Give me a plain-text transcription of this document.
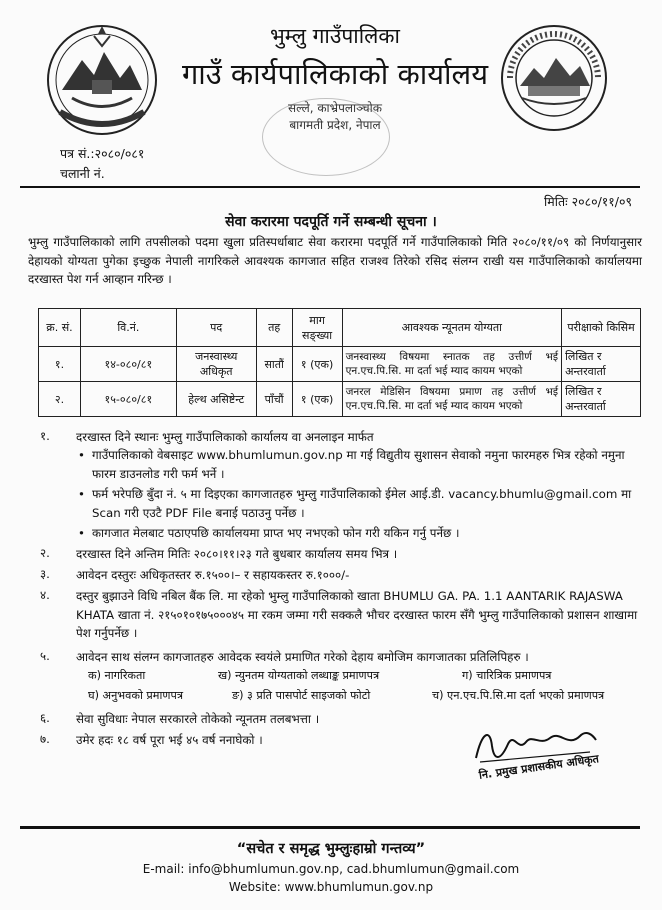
भुम्लु गाउँपालिका
गाउँ कार्यपालिकाको कार्यालय
सल्ले, काभ्रेपलाञ्चोक
बागमती प्रदेश, नेपाल
पत्र सं.:२०८०/०८१
चलानी नं.
मितिः २०८०/११/०९
सेवा करारमा पदपूर्ति गर्ने सम्बन्धी सूचना ।
भुम्लु गाउँपालिकाको लागि तपसीलको पदमा खुला प्रतिस्पर्धाबाट सेवा करारमा पदपूर्ति गर्ने गाउँपालिकाको मिति २०८०/११/०९ को निर्णयानुसार देहायको योग्यता पुगेका इच्छुक नेपाली नागरिकले आवश्यक कागजात सहित राजश्व तिरेको रसिद संलग्न राखी यस गाउँपालिकाको कार्यालयमा दरखास्त पेश गर्न आव्हान गरिन्छ ।
क्र. सं.	वि.नं.	पद	तह	माग सङ्ख्या	आवश्यक न्यूनतम योग्यता	परीक्षाको किसिम
१.	१४-०८०/८१	जनस्वास्थ्य अधिकृत	सातौं	१ (एक)	जनस्वास्थ्य विषयमा स्नातक तह उत्तीर्ण भई एन.एच.पि.सि. मा दर्ता भई म्याद कायम भएको	लिखित र अन्तरवार्ता
२.	१५-०८०/८१	हेल्थ असिष्टेन्ट	पाँचौं	१ (एक)	जनरल मेडिसिन विषयमा प्रमाण तह उत्तीर्ण भई एन.एच.पि.सि. मा दर्ता भई म्याद कायम भएको	लिखित र अन्तरवार्ता
१. दरखास्त दिने स्थानः भुम्लु गाउँपालिकाको कार्यालय वा अनलाइन मार्फत
• गाउँपालिकाको वेबसाइट www.bhumlumun.gov.np मा गई विद्युतीय सुशासन सेवाको नमुना फारमहरु भित्र रहेको नमुना फारम डाउनलोड गरी फर्म भर्ने ।
• फर्म भरेपछि बुँदा नं. ५ मा दिइएका कागजातहरु भुम्लु गाउँपालिकाको ईमेल आई.डी. vacancy.bhumlu@gmail.com मा Scan गरी एउटै PDF File बनाई पठाउनु पर्नेछ ।
• कागजात मेलबाट पठाएपछि कार्यालयमा प्राप्त भए नभएको फोन गरी यकिन गर्नु पर्नेछ ।
२. दरखास्त दिने अन्तिम मितिः २०८०।११।२३ गते बुधबार कार्यालय समय भित्र ।
३. आवेदन दस्तुरः अधिकृतस्तर रु.१५००।– र सहायकस्तर रु.१०००/-
४. दस्तुर बुझाउने विधि नबिल बैंक लि. मा रहेको भुम्लु गाउँपालिकाको खाता BHUMLU GA. PA. 1.1 AANTARIK RAJASWA KHATA खाता नं. २१५०१०१७५०००४५ मा रकम जम्मा गरी सक्कलै भौचर दरखास्त फारम सँगै भुम्लु गाउँपालिकाको प्रशासन शाखामा पेश गर्नुपर्नेछ ।
५. आवेदन साथ संलग्न कागजातहरु आवेदक स्वयंले प्रमाणित गरेको देहाय बमोजिम कागजातका प्रतिलिपिहरु ।
क) नागरिकता	ख) न्युनतम योग्यताको लब्धाङ्क प्रमाणपत्र	ग) चारित्रिक प्रमाणपत्र
घ) अनुभवको प्रमाणपत्र	ङ) ३ प्रति पासपोर्ट साइजको फोटो	च) एन.एच.पि.सि.मा दर्ता भएको प्रमाणपत्र
६. सेवा सुविधाः नेपाल सरकारले तोकेको न्यूनतम तलबभत्ता ।
७. उमेर हदः १८ वर्ष पूरा भई ४५ वर्ष ननाघेको ।
नि. प्रमुख प्रशासकीय अधिकृत
“सचेत र समृद्ध भुम्लुःहाम्रो गन्तव्य”
E-mail: info@bhumlumun.gov.np, cad.bhumlumun@gmail.com
Website: www.bhumlumun.gov.np
